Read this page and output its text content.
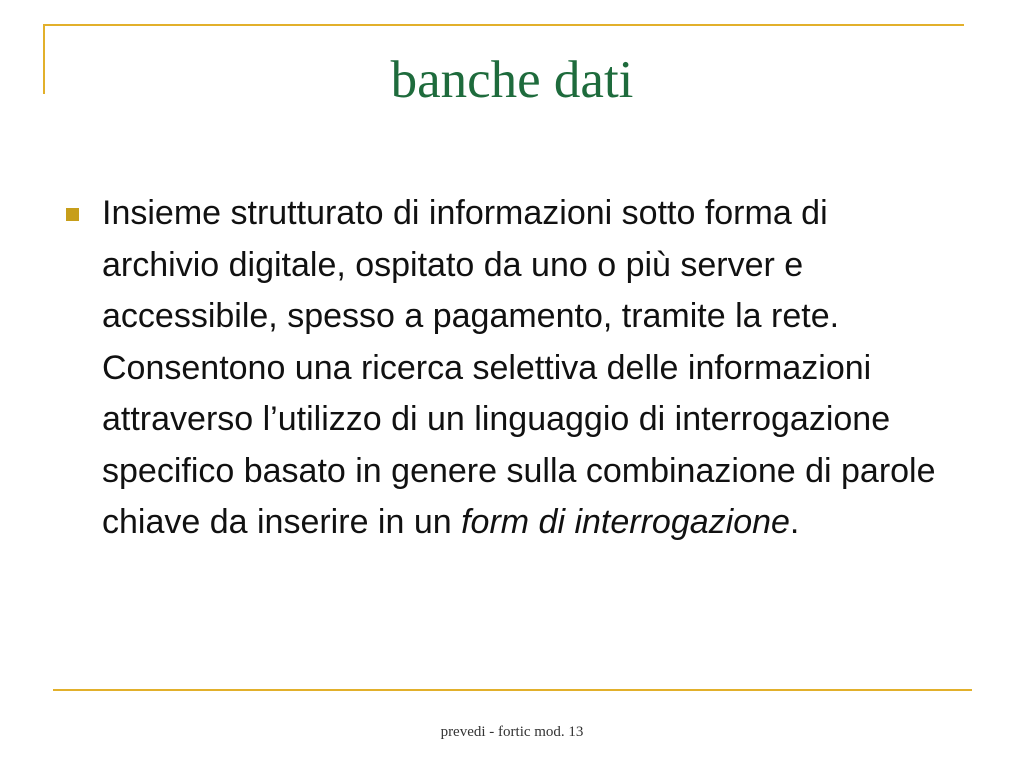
banche dati
Insieme strutturato di informazioni sotto forma di archivio digitale, ospitato da uno o più server e accessibile, spesso a pagamento, tramite la rete. Consentono una ricerca selettiva delle informazioni attraverso l’utilizzo di un linguaggio di interrogazione specifico basato in genere sulla combinazione di parole chiave da inserire in un form di interrogazione.
prevedi - fortic mod. 13
